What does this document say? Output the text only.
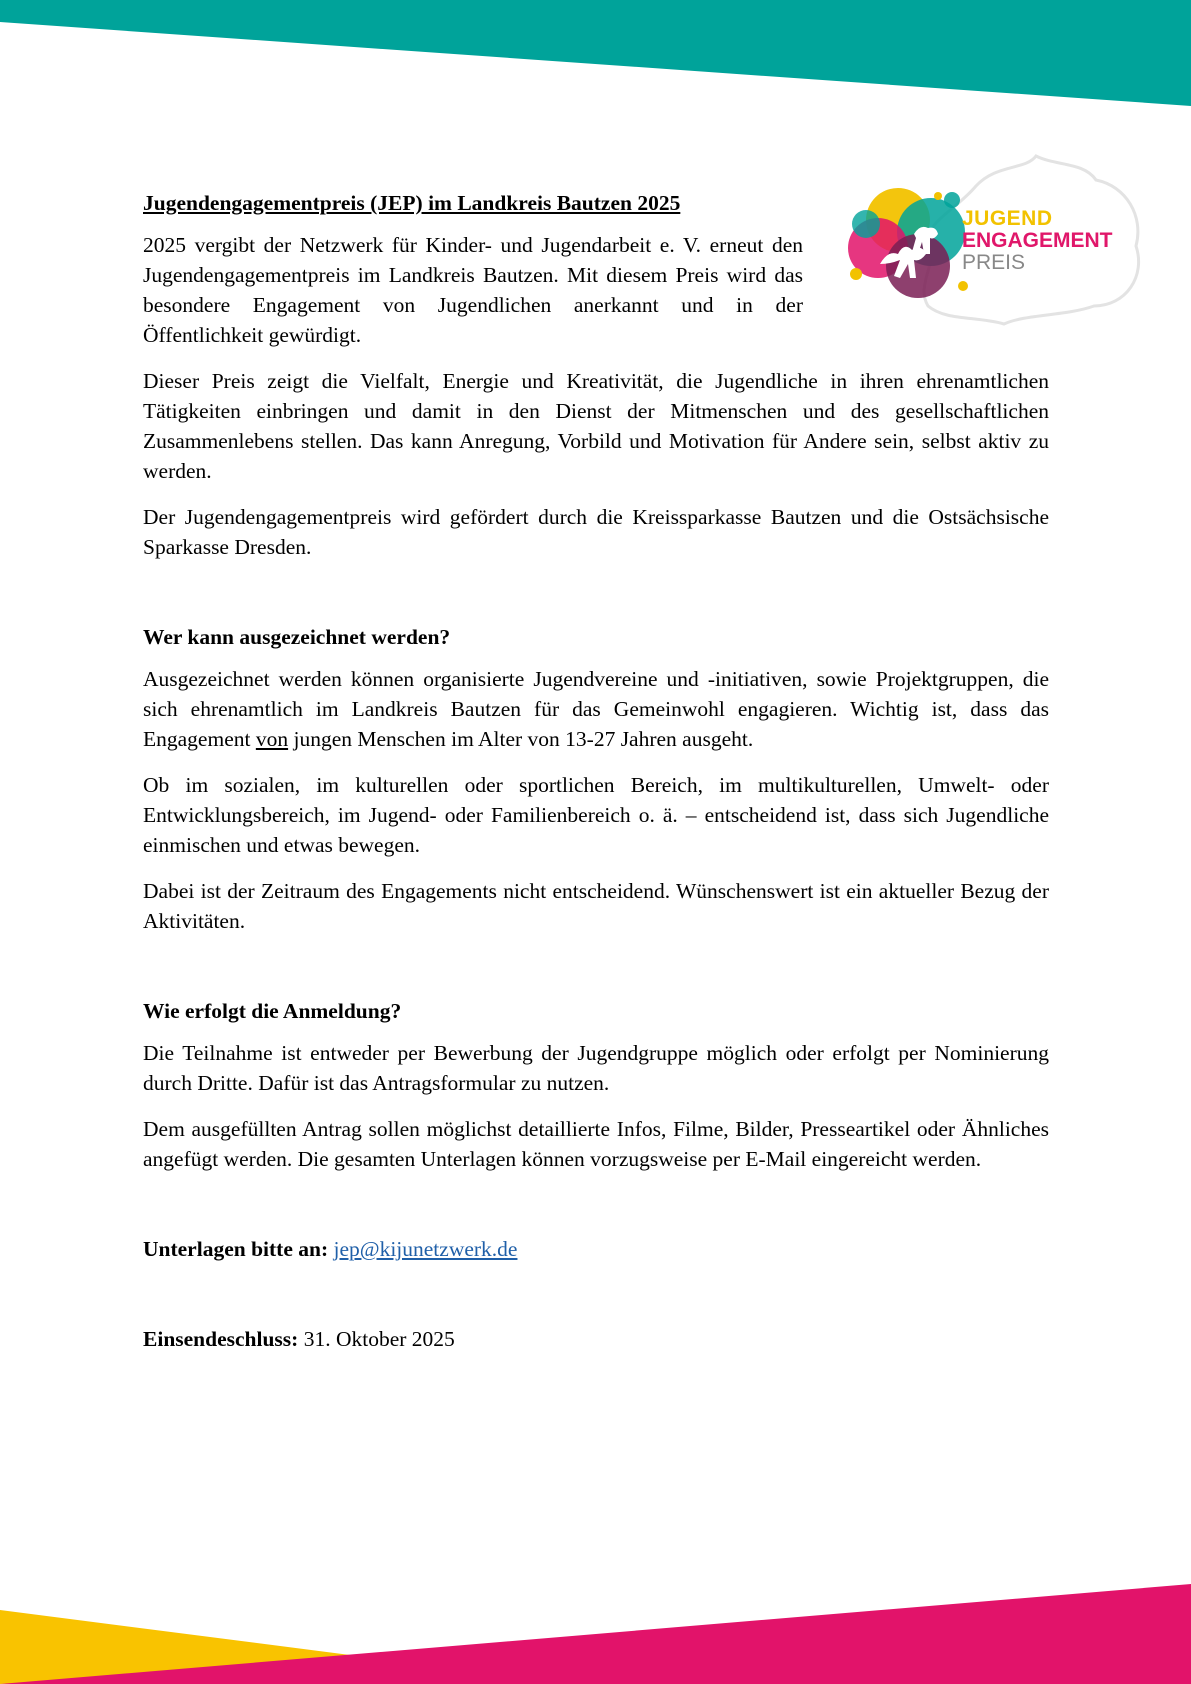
JUGEND
ENGAGEMENT
PREIS
Jugendengagementpreis (JEP) im Landkreis Bautzen 2025

2025 vergibt der Netzwerk für Kinder- und Jugendarbeit e. V. erneut den Jugendengagementpreis im Landkreis Bautzen. Mit diesem Preis wird das besondere Engagement von Jugendlichen anerkannt und in der Öffentlichkeit gewürdigt.

Dieser Preis zeigt die Vielfalt, Energie und Kreativität, die Jugendliche in ihren ehrenamtlichen Tätigkeiten einbringen und damit in den Dienst der Mitmenschen und des gesellschaftlichen Zusammenlebens stellen. Das kann Anregung, Vorbild und Motivation für Andere sein, selbst aktiv zu werden.

Der Jugendengagementpreis wird gefördert durch die Kreissparkasse Bautzen und die Ostsächsische Sparkasse Dresden.

Wer kann ausgezeichnet werden?

Ausgezeichnet werden können organisierte Jugendvereine und -initiativen, sowie Projektgruppen, die sich ehrenamtlich im Landkreis Bautzen für das Gemeinwohl engagieren. Wichtig ist, dass das Engagement von jungen Menschen im Alter von 13-27 Jahren ausgeht.

Ob im sozialen, im kulturellen oder sportlichen Bereich, im multikulturellen, Umwelt- oder Entwicklungsbereich, im Jugend- oder Familienbereich o. ä. – entscheidend ist, dass sich Jugendliche einmischen und etwas bewegen.

Dabei ist der Zeitraum des Engagements nicht entscheidend. Wünschenswert ist ein aktueller Bezug der Aktivitäten.

Wie erfolgt die Anmeldung?

Die Teilnahme ist entweder per Bewerbung der Jugendgruppe möglich oder erfolgt per Nominierung durch Dritte. Dafür ist das Antragsformular zu nutzen.

Dem ausgefüllten Antrag sollen möglichst detaillierte Infos, Filme, Bilder, Presseartikel oder Ähnliches angefügt werden. Die gesamten Unterlagen können vorzugsweise per E-Mail eingereicht werden.

Unterlagen bitte an: jep@kijunetzwerk.de

Einsendeschluss: 31. Oktober 2025
